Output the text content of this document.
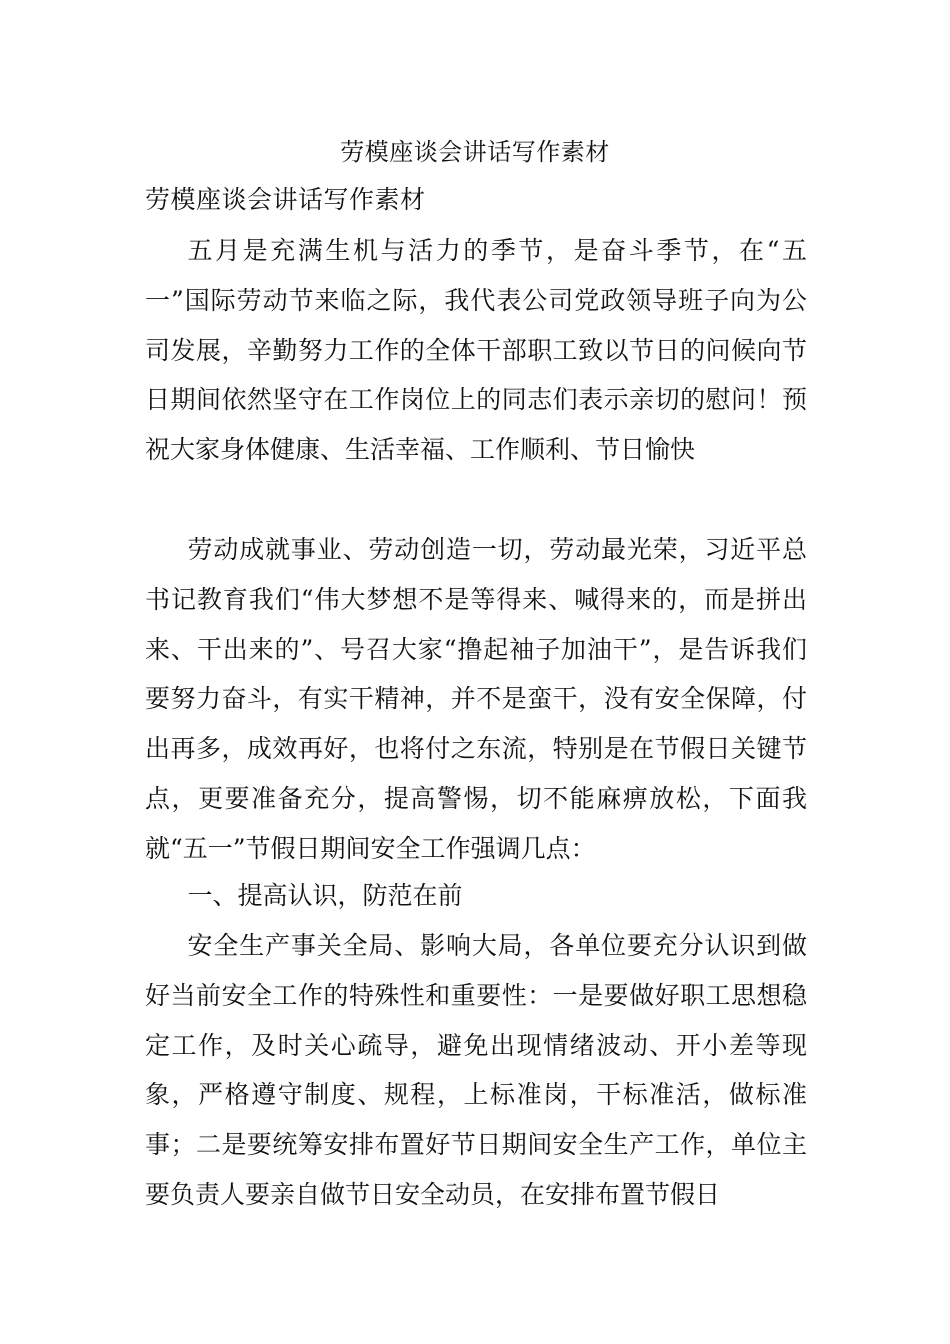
劳模座谈会讲话写作素材
劳模座谈会讲话写作素材

五月是充满生机与活力的季节，是奋斗季节，在“五一”国际劳动节来临之际，我代表公司党政领导班子向为公司发展，辛勤努力工作的全体干部职工致以节日的问候向节日期间依然坚守在工作岗位上的同志们表示亲切的慰问！预祝大家身体健康、生活幸福、工作顺利、节日愉快

劳动成就事业、劳动创造一切，劳动最光荣，习近平总书记教育我们“伟大梦想不是等得来、喊得来的，而是拼出来、干出来的”、号召大家“撸起袖子加油干”，是告诉我们要努力奋斗，有实干精神，并不是蛮干，没有安全保障，付出再多，成效再好，也将付之东流，特别是在节假日关键节点，更要准备充分，提高警惕，切不能麻痹放松，下面我就“五一”节假日期间安全工作强调几点：

一、提高认识，防范在前

安全生产事关全局、影响大局，各单位要充分认识到做好当前安全工作的特殊性和重要性：一是要做好职工思想稳定工作，及时关心疏导，避免出现情绪波动、开小差等现象，严格遵守制度、规程，上标准岗，干标准活，做标准事；二是要统筹安排布置好节日期间安全生产工作，单位主要负责人要亲自做节日安全动员，在安排布置节假日
